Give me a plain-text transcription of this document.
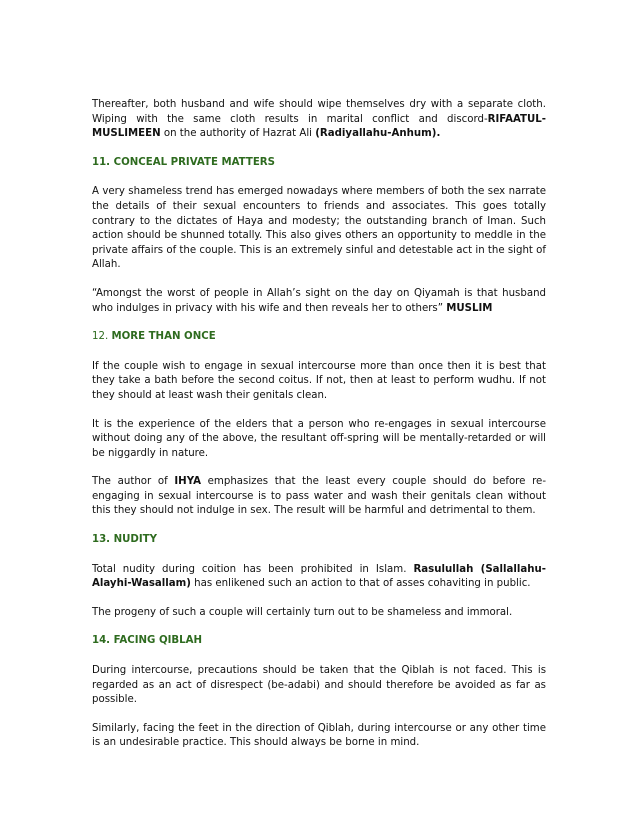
Thereafter, both husband and wife should wipe themselves dry with a separate cloth. Wiping with the same cloth results in marital conflict and discord-RIFAATUL-MUSLIMEEN on the authority of Hazrat Ali (Radiyallahu-Anhum).

11. CONCEAL PRIVATE MATTERS

A very shameless trend has emerged nowadays where members of both the sex narrate the details of their sexual encounters to friends and associates. This goes totally contrary to the dictates of Haya and modesty; the outstanding branch of Iman. Such action should be shunned totally. This also gives others an opportunity to meddle in the private affairs of the couple. This is an extremely sinful and detestable act in the sight of Allah.

“Amongst the worst of people in Allah’s sight on the day on Qiyamah is that husband who indulges in privacy with his wife and then reveals her to others” MUSLIM

12. MORE THAN ONCE

If the couple wish to engage in sexual intercourse more than once then it is best that they take a bath before the second coitus. If not, then at least to perform wudhu. If not they should at least wash their genitals clean.

It is the experience of the elders that a person who re-engages in sexual intercourse without doing any of the above, the resultant off-spring will be mentally-retarded or will be niggardly in nature.

The author of IHYA emphasizes that the least every couple should do before re-engaging in sexual intercourse is to pass water and wash their genitals clean without this they should not indulge in sex. The result will be harmful and detrimental to them.

13. NUDITY

Total nudity during coition has been prohibited in Islam. Rasulullah (Sallallahu-Alayhi-Wasallam) has enlikened such an action to that of asses cohaviting in public.

The progeny of such a couple will certainly turn out to be shameless and immoral.

14. FACING QIBLAH

During intercourse, precautions should be taken that the Qiblah is not faced. This is regarded as an act of disrespect (be-adabi) and should therefore be avoided as far as possible.

Similarly, facing the feet in the direction of Qiblah, during intercourse or any other time is an undesirable practice. This should always be borne in mind.
